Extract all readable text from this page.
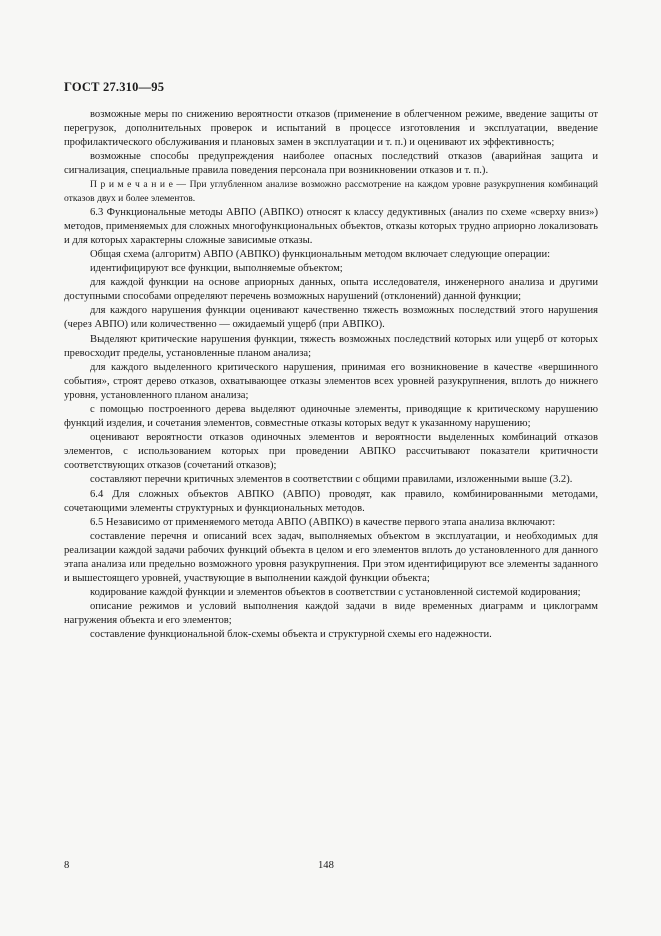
ГОСТ 27.310—95

возможные меры по снижению вероятности отказов (применение в облегченном режиме, введение защиты от перегрузок, дополнительных проверок и испытаний в процессе изготовления и эксплуатации, введение профилактического обслуживания и плановых замен в эксплуатации и т. п.) и оценивают их эффективность;

возможные способы предупреждения наиболее опасных последствий отказов (аварийная защита и сигнализация, специальные правила поведения персонала при возникновении отказов и т. п.).

П р и м е ч а н и е — При углубленном анализе возможно рассмотрение на каждом уровне разукрупнения комбинаций отказов двух и более элементов.

6.3 Функциональные методы АВПО (АВПКО) относят к классу дедуктивных (анализ по схеме «сверху вниз») методов, применяемых для сложных многофункциональных объектов, отказы которых трудно априорно локализовать и для которых характерны сложные зависимые отказы.

Общая схема (алгоритм) АВПО (АВПКО) функциональным методом включает следующие операции:

идентифицируют все функции, выполняемые объектом;

для каждой функции на основе априорных данных, опыта исследователя, инженерного анализа и другими доступными способами определяют перечень возможных нарушений (отклонений) данной функции;

для каждого нарушения функции оценивают качественно тяжесть возможных последствий этого нарушения (через АВПО) или количественно — ожидаемый ущерб (при АВПКО).

Выделяют критические нарушения функции, тяжесть возможных последствий которых или ущерб от которых превосходит пределы, установленные планом анализа;

для каждого выделенного критического нарушения, принимая его возникновение в качестве «вершинного события», строят дерево отказов, охватывающее отказы элементов всех уровней разукрупнения, вплоть до нижнего уровня, установленного планом анализа;

с помощью построенного дерева выделяют одиночные элементы, приводящие к критическому нарушению функций изделия, и сочетания элементов, совместные отказы которых ведут к указанному нарушению;

оценивают вероятности отказов одиночных элементов и вероятности выделенных комбинаций отказов элементов, с использованием которых при проведении АВПКО рассчитывают показатели критичности соответствующих отказов (сочетаний отказов);

составляют перечни критичных элементов в соответствии с общими правилами, изложенными выше (3.2).

6.4 Для сложных объектов АВПКО (АВПО) проводят, как правило, комбинированными методами, сочетающими элементы структурных и функциональных методов.

6.5 Независимо от применяемого метода АВПО (АВПКО) в качестве первого этапа анализа включают:

составление перечня и описаний всех задач, выполняемых объектом в эксплуатации, и необходимых для реализации каждой задачи рабочих функций объекта в целом и его элементов вплоть до установленного для данного этапа анализа или предельно возможного уровня разукрупнения. При этом идентифицируют все элементы заданного и вышестоящего уровней, участвующие в выполнении каждой функции объекта;

кодирование каждой функции и элементов объектов в соответствии с установленной системой кодирования;

описание режимов и условий выполнения каждой задачи в виде временных диаграмм и циклограмм нагружения объекта и его элементов;

составление функциональной блок-схемы объекта и структурной схемы его надежности.

8	148
